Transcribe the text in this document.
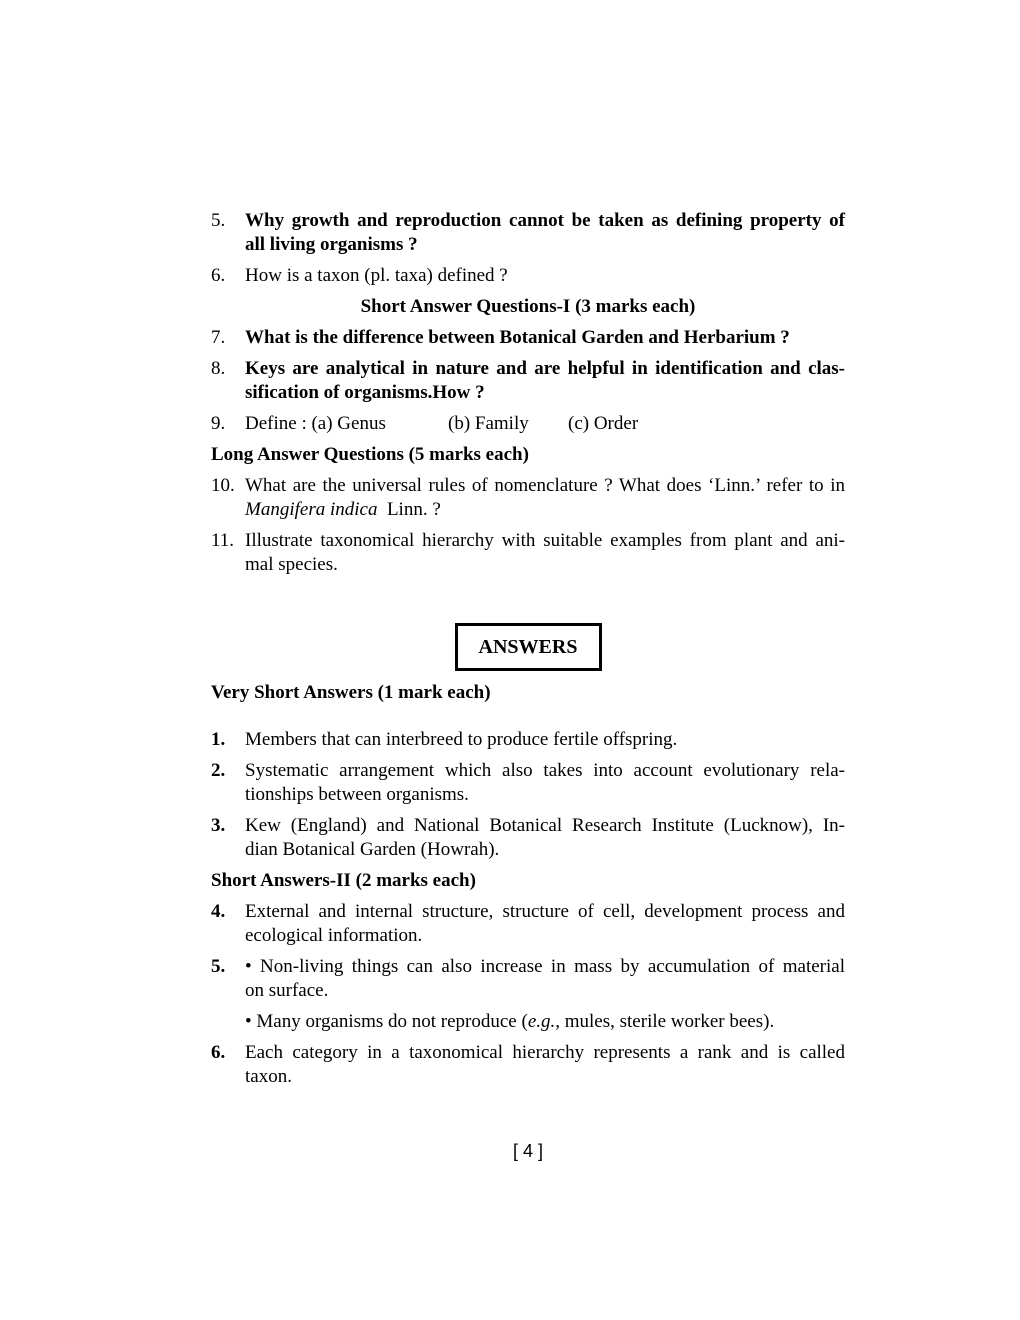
5. Why growth and reproduction cannot be taken as defining property of
all living organisms ?
6. How is a taxon (pl. taxa) defined ?
Short Answer Questions-I (3 marks each)
7. What is the difference between Botanical Garden and Herbarium ?
8. Keys are analytical in nature and are helpful in identification and clas-
sification of organisms.How ?
9. Define : (a) Genus	(b) Family (c) Order
Long Answer Questions (5 marks each)
10. What are the universal rules of nomenclature ? What does ‘Linn.’ refer to in
Mangifera indica  Linn. ?
11. Illustrate taxonomical hierarchy with suitable examples from plant and ani-
mal species.
ANSWERS
Very Short Answers (1 mark each)
1. Members that can interbreed to produce fertile offspring.
2. Systematic arrangement which also takes into account evolutionary rela-
tionships between organisms.
3. Kew (England) and National Botanical Research Institute (Lucknow), In-
dian Botanical Garden (Howrah).
Short Answers-II (2 marks each)
4. External and internal structure, structure of cell, development process and
ecological information.
5. • Non-living things can also increase in mass by accumulation of material
on surface.
• Many organisms do not reproduce (e.g., mules, sterile worker bees).
6. Each category in a taxonomical hierarchy represents a rank and is called
taxon.
[ 4 ]
